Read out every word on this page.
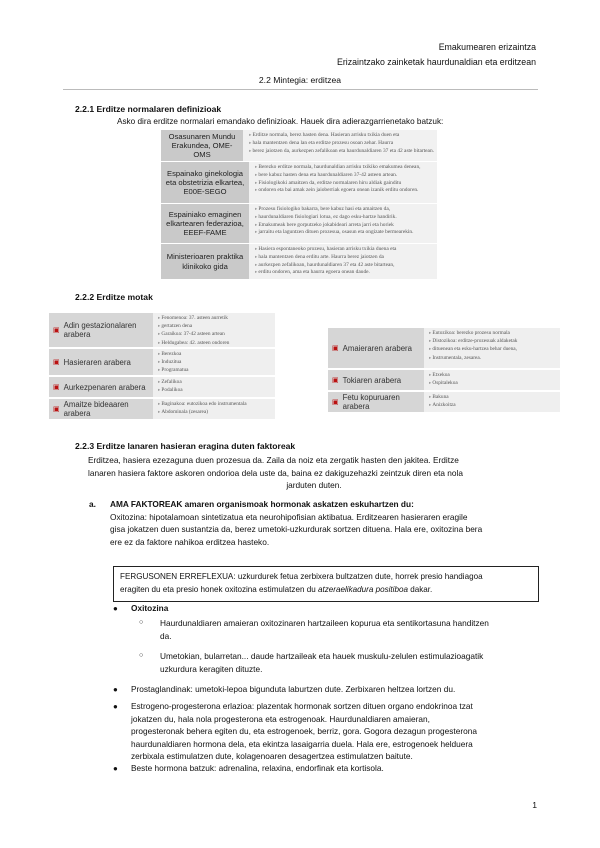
Emakumearen erizaintza
Erizaintzako zainketak haurdunaldian eta erditzean
2.2 Mintegia: erditzea
2.2.1 Erditze normalaren definizioak
Asko dira erditze normalari emandako definizioak. Hauek dira adierazgarrienetako batzuk:
Osasunaren Mundu Erakundea, OME-OMS
▸ Erditze normala, berez hasten dena. Hasieran arrisku txikia duen eta
▸ hala mantentzen dena lan eta erditze prozesu osoan zehar. Haurra
▸ berez jaiotzen da, aurkezpen zefalikoan eta haurdunaldiaren 37 eta 42 aste bitartean.
Espainako ginekologia eta obstetrizia elkartea, E00E-SEGO
▸ Berezko erditze normala, haurdunaldian arrisku txikiko emakumea denean,
▸ bere kabuz hasten dena eta haurdunaldiaren 37-42 asteen artean.
▸ Fisiologikoki amaitzen da, erditze normalaren hiru aldiak gainditu
▸ ondoren eta bai amak zein jaioberriak egoera onean izanik erditu ondoren.
Espainiako emaginen elkartearen federazioa, EEEF-FAME
▸ Prozesu fisiologiko bakarra, bere kabuz hasi eta amaitzen da,
▸ haurdunaldiaren fisiologiari lotua, ez dago esku-hartze handirik.
▸ Emakumeak bere gorputzeko jokabideari arreta jarri eta horiek
▸ jarraitu eta laguntzen dituen prozesua, osasun eta ongizate bermearekin.
Ministerioaren praktika klinikoko gida
▸ Hasiera espontaneoko prozesu, hasieran arrisku txikia duena eta
▸ hala mantentzen dena erditu arte. Haurra berez jaiotzen da
▸ aurkezpen zefalikoan, haurdunaldiaren 37 eta 42 aste bitartean,
▸ erditu ondoren, ama eta haurra egoera onean daude.
2.2.2 Erditze motak
▣
Adin gestazionalaren arabera
▸ Fenomenoa: 37. asteen aurretik
▸ gertatzen dena
▸ Garaikoa: 37-42 asteen artean
▸ Heldugabea: 42. asteen ondoren
▣ Hasieraren arabera
▸ Berezkoa
▸ Induzitua
▸ Programatua
▣ Aurkezpenaren arabera
▸ Zefalikoa
▸ Podalikoa
▣
Amaitze bideaaren arabera
▸ Baginakoa: eutozikoa edo instrumentala
▸ Abdominala (zesarea)
▣ Amaieraren arabera
▸ Eutozikoa: berezko prozesu normala
▸ Distozikoa: erditze-prozesuak aldaketak
▸ dituenean eta esku-hartzea behar duena,
▸ Instrumentala, zesarea.
▣ Tokiaren arabera
▸ Etxekoa
▸ Ospitalekoa
▣
Fetu kopuruaren arabera
▸ Bakuna
▸ Anizkoitza
2.2.3 Erditze lanaren hasieran eragina duten faktoreak
Erditzea, hasiera ezezaguna duen prozesua da. Zaila da noiz eta zergatik hasten den jakitea. Erditze
lanaren hasiera faktore askoren ondorioa dela uste da, baina ez dakiguzehazki zeintzuk diren eta nola
jarduten duten.
a. AMA FAKTOREAK amaren organismoak hormonak askatzen eskuhartzen du:
Oxitozina: hipotalamoan sintetizatua eta neurohipofisian aktibatua. Erditzearen hasieraren eragile
gisa jokatzen duen sustantzia da, berez umetoki-uzkurdurak sortzen dituena. Hala ere, oxitozina bera
ere ez da faktore nahikoa erditzea hasteko.
FERGUSONEN ERREFLEXUA: uzkurdurek fetua zerbixera bultzatzen dute, horrek presio handiagoa
eragiten du eta presio honek oxitozina estimulatzen du atzeraelikadura positiboa dakar.
● Oxitozina
○ Haurdunaldiaren amaieran oxitozinaren hartzaileen kopurua eta sentikortasuna handitzen
da.
○ Umetokian, bularretan... daude hartzaileak eta hauek muskulu-zelulen estimulazioagatik
uzkurdura keragiten dituzte.
● Prostaglandinak: umetoki-lepoa bigunduta laburtzen dute. Zerbixaren heltzea lortzen du.
● Estrogeno-progesterona erlazioa: plazentak hormonak sortzen dituen organo endokrinoa tzat
jokatzen du, hala nola progesterona eta estrogenoak. Haurdunaldiaren amaieran,
progesteronak behera egiten du, eta estrogenoek, berriz, gora. Gogora dezagun progesterona
haurdunaldiaren hormona dela, eta ekintza lasaigarria duela. Hala ere, estrogenoek helduera
zerbixala estimulatzen dute, kolagenoaren desagertzea estimulatzen baitute.
● Beste hormona batzuk: adrenalina, relaxina, endorfinak eta kortisola.
1
